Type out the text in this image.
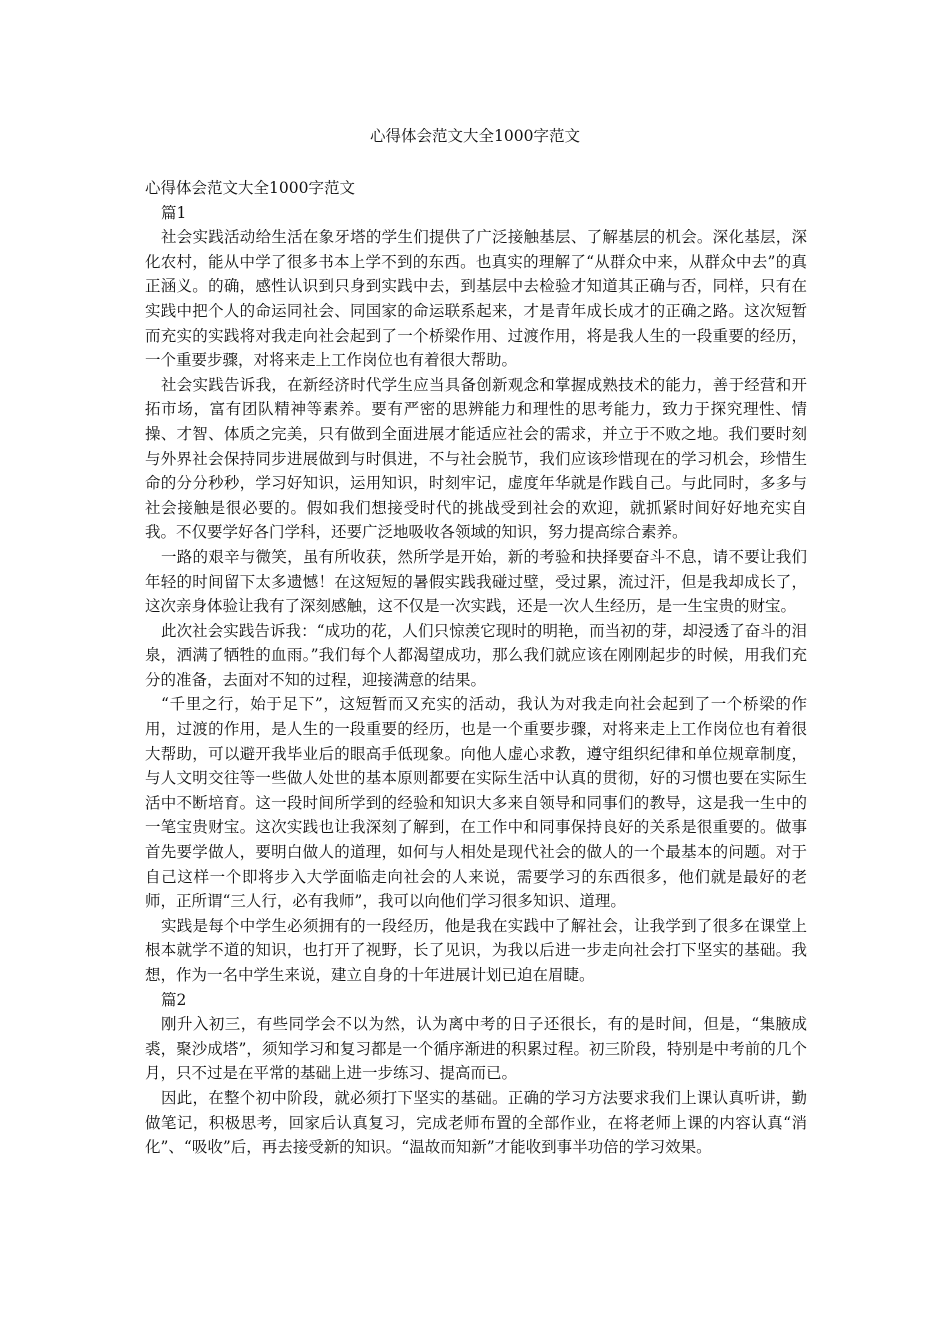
心得体会范文大全1000字范文

心得体会范文大全1000字范文

篇1

社会实践活动给生活在象牙塔的学生们提供了广泛接触基层、了解基层的机会。深化基层，深化农村，能从中学了很多书本上学不到的东西。也真实的理解了“从群众中来，从群众中去”的真正涵义。的确，感性认识到只身到实践中去，到基层中去检验才知道其正确与否，同样，只有在实践中把个人的命运同社会、同国家的命运联系起来，才是青年成长成才的正确之路。这次短暂而充实的实践将对我走向社会起到了一个桥梁作用、过渡作用，将是我人生的一段重要的经历，一个重要步骤，对将来走上工作岗位也有着很大帮助。

社会实践告诉我，在新经济时代学生应当具备创新观念和掌握成熟技术的能力，善于经营和开拓市场，富有团队精神等素养。要有严密的思辨能力和理性的思考能力，致力于探究理性、情操、才智、体质之完美，只有做到全面进展才能适应社会的需求，并立于不败之地。我们要时刻与外界社会保持同步进展做到与时俱进，不与社会脱节，我们应该珍惜现在的学习机会，珍惜生命的分分秒秒，学习好知识，运用知识，时刻牢记，虚度年华就是作践自己。与此同时，多多与社会接触是很必要的。假如我们想接受时代的挑战受到社会的欢迎，就抓紧时间好好地充实自我。不仅要学好各门学科，还要广泛地吸收各领域的知识，努力提高综合素养。

一路的艰辛与微笑，虽有所收获，然所学是开始，新的考验和抉择要奋斗不息，请不要让我们年轻的时间留下太多遗憾！在这短短的暑假实践我碰过壁，受过累，流过汗，但是我却成长了，这次亲身体验让我有了深刻感触，这不仅是一次实践，还是一次人生经历，是一生宝贵的财宝。

此次社会实践告诉我：“成功的花，人们只惊羡它现时的明艳，而当初的芽，却浸透了奋斗的泪泉，洒满了牺牲的血雨。”我们每个人都渴望成功，那么我们就应该在刚刚起步的时候，用我们充分的准备，去面对不知的过程，迎接满意的结果。

“千里之行，始于足下”，这短暂而又充实的活动，我认为对我走向社会起到了一个桥梁的作用，过渡的作用，是人生的一段重要的经历，也是一个重要步骤，对将来走上工作岗位也有着很大帮助，可以避开我毕业后的眼高手低现象。向他人虚心求教，遵守组织纪律和单位规章制度，与人文明交往等一些做人处世的基本原则都要在实际生活中认真的贯彻，好的习惯也要在实际生活中不断培育。这一段时间所学到的经验和知识大多来自领导和同事们的教导，这是我一生中的一笔宝贵财宝。这次实践也让我深刻了解到，在工作中和同事保持良好的关系是很重要的。做事首先要学做人，要明白做人的道理，如何与人相处是现代社会的做人的一个最基本的问题。对于自己这样一个即将步入大学面临走向社会的人来说，需要学习的东西很多，他们就是最好的老师，正所谓“三人行，必有我师”，我可以向他们学习很多知识、道理。

实践是每个中学生必须拥有的一段经历，他是我在实践中了解社会，让我学到了很多在课堂上根本就学不道的知识，也打开了视野，长了见识，为我以后进一步走向社会打下坚实的基础。我想，作为一名中学生来说，建立自身的十年进展计划已迫在眉睫。

篇2

刚升入初三，有些同学会不以为然，认为离中考的日子还很长，有的是时间，但是，“集腋成裘，聚沙成塔”，须知学习和复习都是一个循序渐进的积累过程。初三阶段，特别是中考前的几个月，只不过是在平常的基础上进一步练习、提高而已。

因此，在整个初中阶段，就必须打下坚实的基础。正确的学习方法要求我们上课认真听讲，勤做笔记，积极思考，回家后认真复习，完成老师布置的全部作业，在将老师上课的内容认真“消化”、“吸收”后，再去接受新的知识。“温故而知新”才能收到事半功倍的学习效果。
